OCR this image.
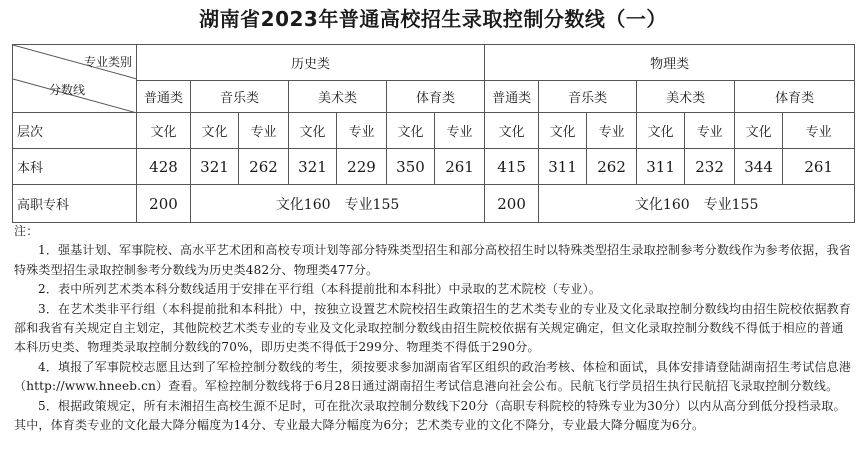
湖南省2023年普通高校招生录取控制分数线（一）
专业类别
分数线	历史类							物理类						
	普通类	音乐类		美术类		体育类		普通类	音乐类		美术类		体育类	
层次	文化	文化	专业	文化	专业	文化	专业	文化	文化	专业	文化	专业	文化	专业
本科	428	321	262	321	229	350	261	415	311	262	311	232	344	261
高职专科	200	文化160　专业155						200	文化160　专业155					

注：

1．强基计划、军事院校、高水平艺术团和高校专项计划等部分特殊类型招生和部分高校招生时以特殊类型招生录取控制参考分数线作为参考依据，我省特殊类型招生录取控制参考分数线为历史类482分、物理类477分。

2．表中所列艺术类本科分数线适用于安排在平行组（本科提前批和本科批）中录取的艺术院校（专业）。

3．在艺术类非平行组（本科提前批和本科批）中，按独立设置艺术院校招生政策招生的艺术类专业的专业及文化录取控制分数线均由招生院校依据教育部和我省有关规定自主划定，其他院校艺术类专业的专业及文化录取控制分数线由招生院校依据有关规定确定，但文化录取控制分数线不得低于相应的普通本科历史类、物理类录取控制分数线的70%，即历史类不得低于299分、物理类不得低于290分。

4．填报了军事院校志愿且达到了军检控制分数线的考生，须按要求参加湖南省军区组织的政治考核、体检和面试，具体安排请登陆湖南招生考试信息港（http://www.hneeb.cn）查看。军检控制分数线将于6月28日通过湖南招生考试信息港向社会公布。民航飞行学员招生执行民航招飞录取控制分数线。

5．根据政策规定，所有未湘招生高校生源不足时，可在批次录取控制分数线下20分（高职专科院校的特殊专业为30分）以内从高分到低分投档录取。其中，体育类专业的文化最大降分幅度为14分、专业最大降分幅度为6分；艺术类专业的文化不降分，专业最大降分幅度为6分。
